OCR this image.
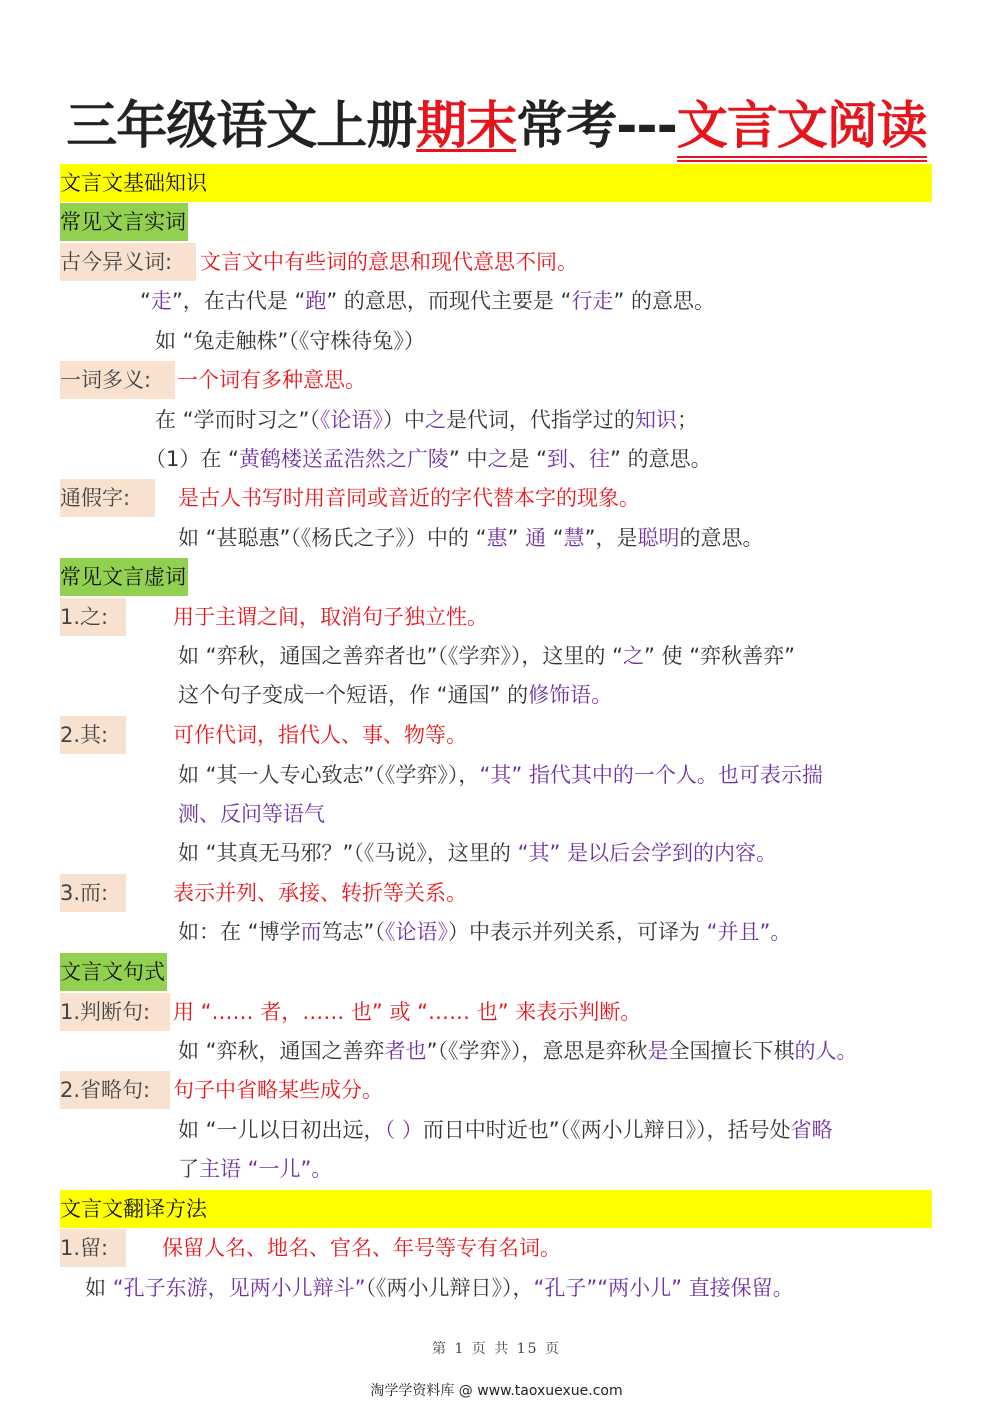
三年级语文上册期末常考---文言文阅读
文言文基础知识
常见文言实词
古今异义词:	文言文中有些词的意思和现代意思不同。
“走”，在古代是 “跑” 的意思，而现代主要是 “行走” 的意思。
如 “兔走触株”（《守株待兔》）
一词多义:	一个词有多种意思。
在 “学而时习之”（《论语》）中之是代词，代指学过的知识；
（1）在 “黄鹤楼送孟浩然之广陵” 中之是 “到、往” 的意思。
通假字:	是古人书写时用音同或音近的字代替本字的现象。
如 “甚聪惠”（《杨氏之子》）中的 “惠” 通 “慧”，是聪明的意思。
常见文言虚词
1.之:	用于主谓之间，取消句子独立性。
如 “弈秋，通国之善弈者也”（《学弈》），这里的 “之” 使 “弈秋善弈”
这个句子变成一个短语，作 “通国” 的修饰语。
2.其:	可作代词，指代人、事、物等。
如 “其一人专心致志”（《学弈》），“其” 指代其中的一个人。也可表示揣
测、反问等语气
如 “其真无马邪？”（《马说》，这里的 “其” 是以后会学到的内容。
3.而:	表示并列、承接、转折等关系。
如：在 “博学而笃志”（《论语》）中表示并列关系，可译为 “并且”。
文言文句式
1.判断句:	用 “…… 者，…… 也” 或 “…… 也” 来表示判断。
如 “弈秋，通国之善弈者也”（《学弈》），意思是弈秋是全国擅长下棋的人。
2.省略句:	句子中省略某些成分。
如 “一儿以日初出远，（ ）而日中时近也”（《两小儿辩日》），括号处省略
了主语 “一儿”。
文言文翻译方法
1.留:	保留人名、地名、官名、年号等专有名词。
如 “孔子东游，见两小儿辩斗”（《两小儿辩日》），“孔子”“两小儿” 直接保留。
第 1 页 共 15 页
淘学学资料库 @ www.taoxuexue.com
